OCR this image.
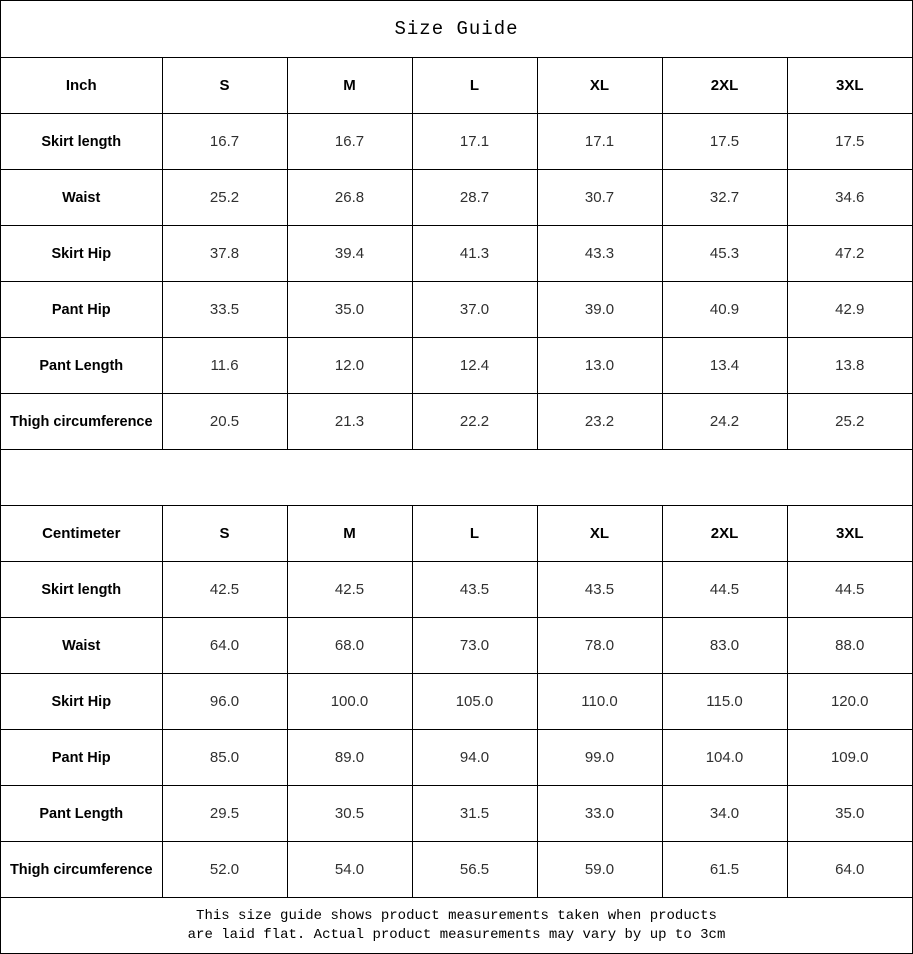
Size Guide
Inch	S	M	L	XL	2XL	3XL
Skirt length	16.7	16.7	17.1	17.1	17.5	17.5
Waist	25.2	26.8	28.7	30.7	32.7	34.6
Skirt Hip	37.8	39.4	41.3	43.3	45.3	47.2
Pant Hip	33.5	35.0	37.0	39.0	40.9	42.9
Pant Length	11.6	12.0	12.4	13.0	13.4	13.8
Thigh circumference	20.5	21.3	22.2	23.2	24.2	25.2
Centimeter	S	M	L	XL	2XL	3XL
Skirt length	42.5	42.5	43.5	43.5	44.5	44.5
Waist	64.0	68.0	73.0	78.0	83.0	88.0
Skirt Hip	96.0	100.0	105.0	110.0	115.0	120.0
Pant Hip	85.0	89.0	94.0	99.0	104.0	109.0
Pant Length	29.5	30.5	31.5	33.0	34.0	35.0
Thigh circumference	52.0	54.0	56.5	59.0	61.5	64.0
This size guide shows product measurements taken when products
are laid flat. Actual product measurements may vary by up to 3cm
